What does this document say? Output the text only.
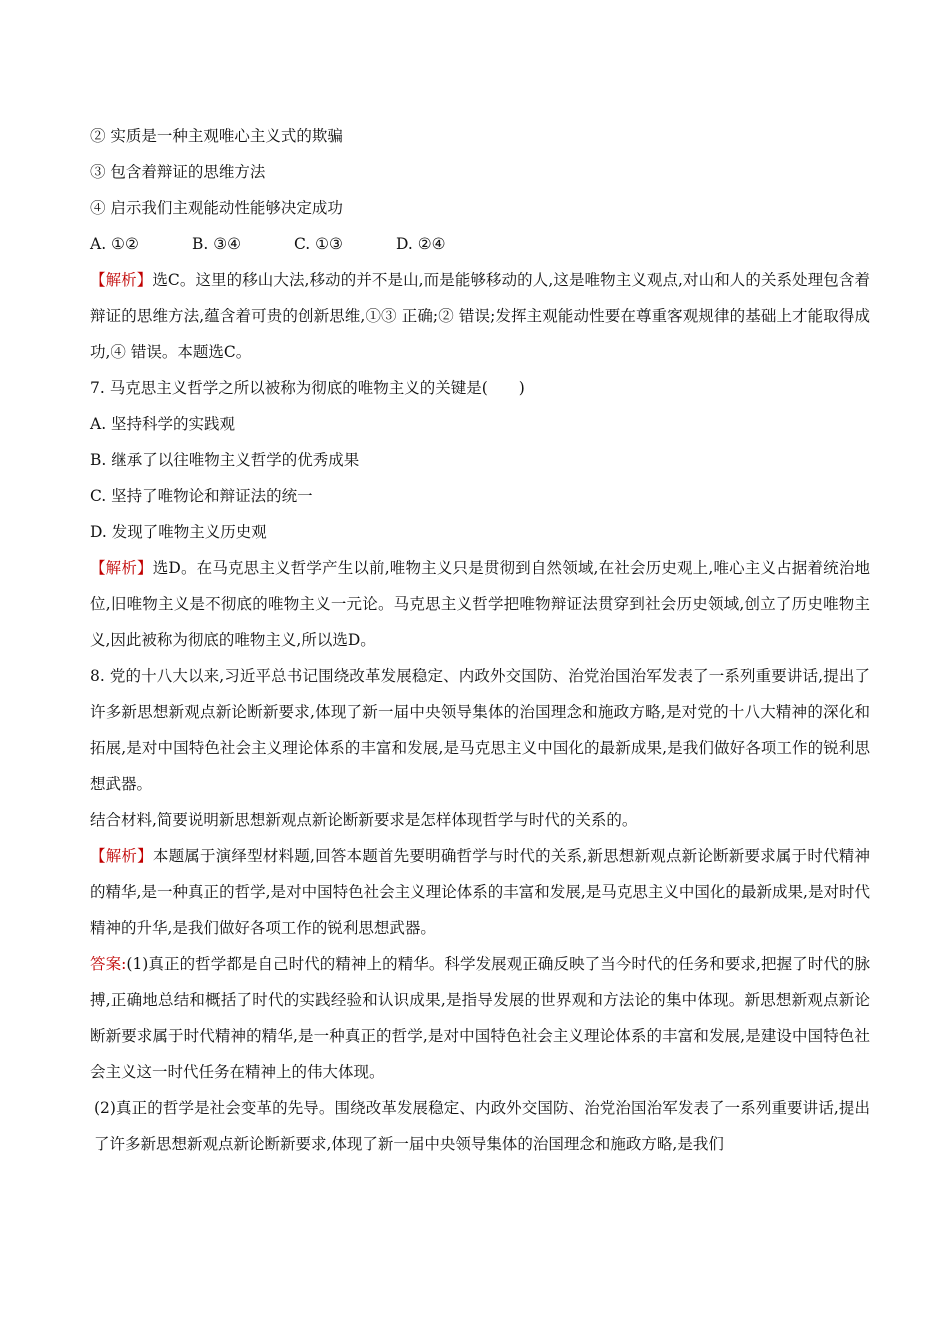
② 实质是一种主观唯心主义式的欺骗
③ 包含着辩证的思维方法
④ 启示我们主观能动性能够决定成功
A. ①②	B. ③④	C. ①③	D. ②④
【解析】选C。这里的移山大法,移动的并不是山,而是能够移动的人,这是唯物主义观点,对山和人的关系处理包含着辩证的思维方法,蕴含着可贵的创新思维,①③ 正确;② 错误;发挥主观能动性要在尊重客观规律的基础上才能取得成功,④ 错误。本题选C。
7. 马克思主义哲学之所以被称为彻底的唯物主义的关键是(　　)
A. 坚持科学的实践观
B. 继承了以往唯物主义哲学的优秀成果
C. 坚持了唯物论和辩证法的统一
D. 发现了唯物主义历史观
【解析】选D。在马克思主义哲学产生以前,唯物主义只是贯彻到自然领域,在社会历史观上,唯心主义占据着统治地位,旧唯物主义是不彻底的唯物主义一元论。马克思主义哲学把唯物辩证法贯穿到社会历史领域,创立了历史唯物主义,因此被称为彻底的唯物主义,所以选D。
8. 党的十八大以来,习近平总书记围绕改革发展稳定、内政外交国防、治党治国治军发表了一系列重要讲话,提出了许多新思想新观点新论断新要求,体现了新一届中央领导集体的治国理念和施政方略,是对党的十八大精神的深化和拓展,是对中国特色社会主义理论体系的丰富和发展,是马克思主义中国化的最新成果,是我们做好各项工作的锐利思想武器。
结合材料,简要说明新思想新观点新论断新要求是怎样体现哲学与时代的关系的。
【解析】本题属于演绎型材料题,回答本题首先要明确哲学与时代的关系,新思想新观点新论断新要求属于时代精神的精华,是一种真正的哲学,是对中国特色社会主义理论体系的丰富和发展,是马克思主义中国化的最新成果,是对时代精神的升华,是我们做好各项工作的锐利思想武器。
答案:(1)真正的哲学都是自己时代的精神上的精华。科学发展观正确反映了当今时代的任务和要求,把握了时代的脉搏,正确地总结和概括了时代的实践经验和认识成果,是指导发展的世界观和方法论的集中体现。新思想新观点新论断新要求属于时代精神的精华,是一种真正的哲学,是对中国特色社会主义理论体系的丰富和发展,是建设中国特色社会主义这一时代任务在精神上的伟大体现。
(2)真正的哲学是社会变革的先导。围绕改革发展稳定、内政外交国防、治党治国治军发表了一系列重要讲话,提出了许多新思想新观点新论断新要求,体现了新一届中央领导集体的治国理念和施政方略,是我们
